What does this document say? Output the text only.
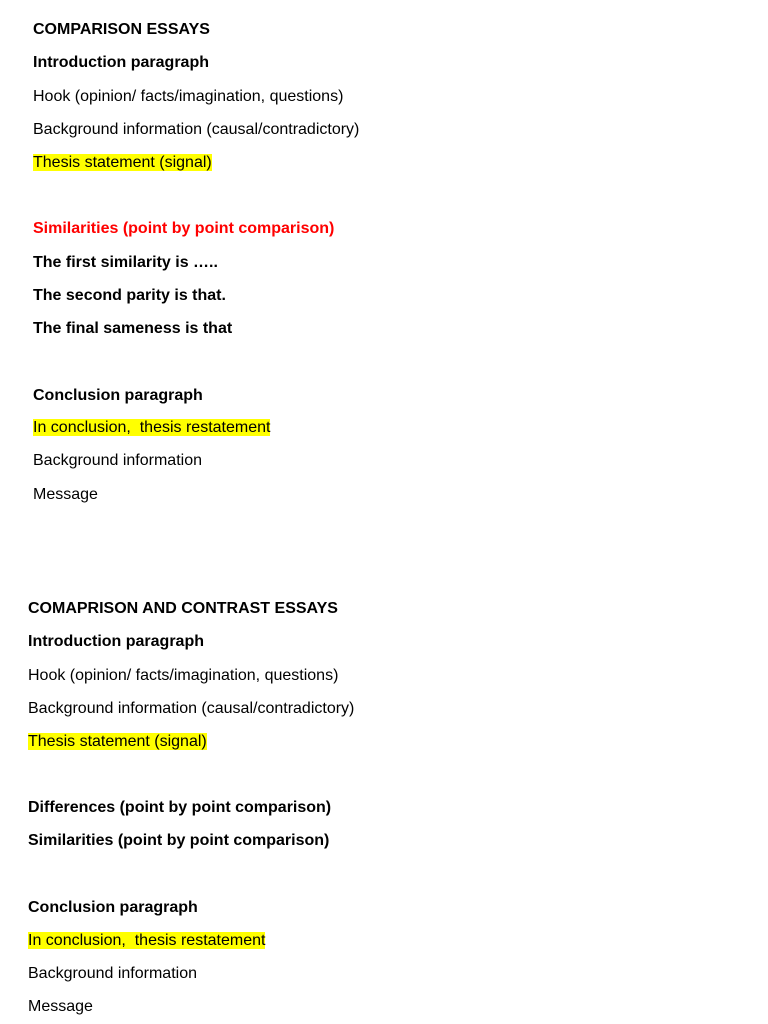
COMPARISON ESSAYS

Introduction paragraph

Hook (opinion/ facts/imagination, questions)

Background information (causal/contradictory)

Thesis statement (signal)

Similarities (point by point comparison)

The first similarity is …..

The second parity is that.

The final sameness is that

Conclusion paragraph

In conclusion,  thesis restatement

Background information

Message

COMAPRISON AND CONTRAST ESSAYS

Introduction paragraph

Hook (opinion/ facts/imagination, questions)

Background information (causal/contradictory)

Thesis statement (signal)

Differences (point by point comparison)

Similarities (point by point comparison)

Conclusion paragraph

In conclusion,  thesis restatement

Background information

Message
